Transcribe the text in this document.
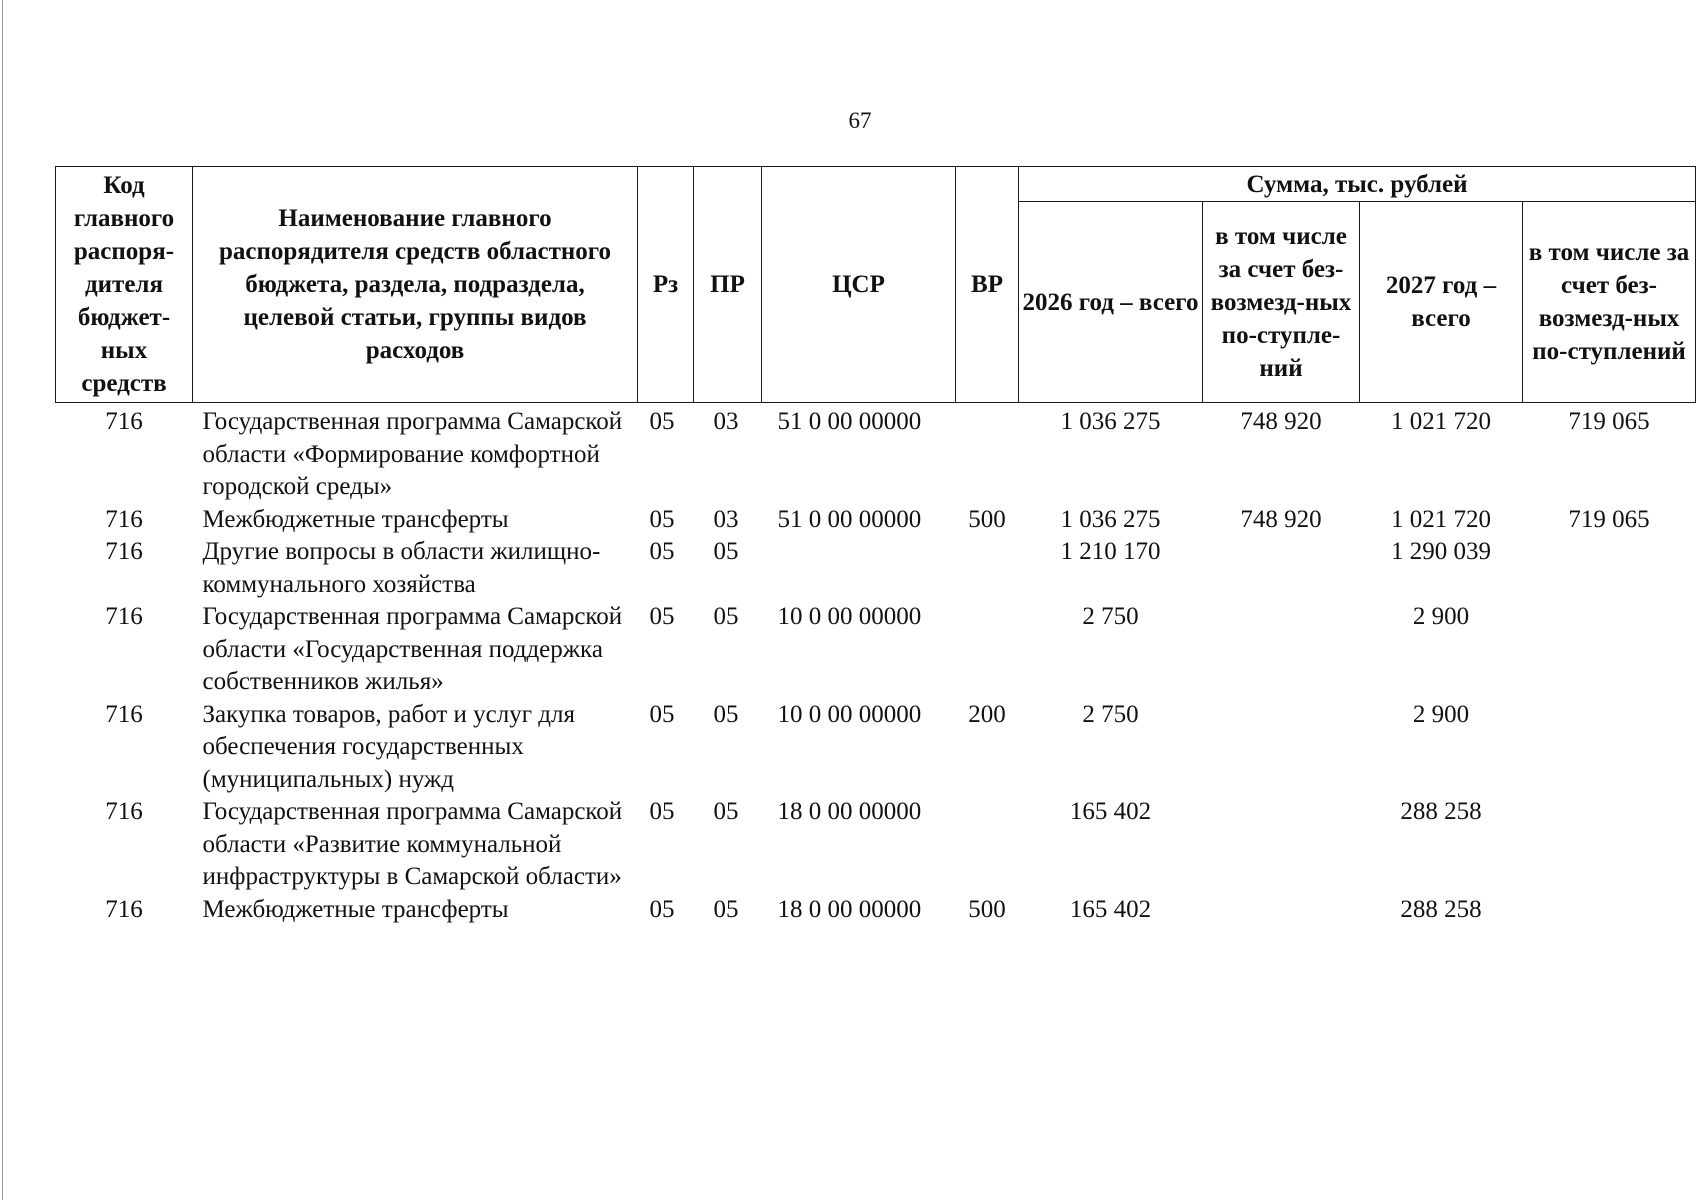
67
Код главного распоря-дителя бюджет-ных средств	Наименование главного распорядителя средств областного бюджета, раздела, подраздела, целевой статьи, группы видов расходов	Рз	ПР	ЦСР	ВР	Сумма, тыс. рублей			
						2026 год – всего	в том числе за счет без-возмезд-ных по-ступле-ний	2027 год – всего	в том числе за счет без-возмезд-ных по-ступлений
716	Государственная программа Самарской области «Формирование комфортной городской среды»	05	03	51 0 00 00000		1 036 275	748 920	1 021 720	719 065
716	Межбюджетные трансферты	05	03	51 0 00 00000	500	1 036 275	748 920	1 021 720	719 065
716	Другие вопросы в области жилищно-коммунального хозяйства	05	05			1 210 170		1 290 039	
716	Государственная программа Самарской области «Государственная поддержка собственников жилья»	05	05	10 0 00 00000		2 750		2 900	
716	Закупка товаров, работ и услуг для обеспечения государственных (муниципальных) нужд	05	05	10 0 00 00000	200	2 750		2 900	
716	Государственная программа Самарской области «Развитие коммунальной инфраструктуры в Самарской области»	05	05	18 0 00 00000		165 402		288 258	
716	Межбюджетные трансферты	05	05	18 0 00 00000	500	165 402		288 258	
